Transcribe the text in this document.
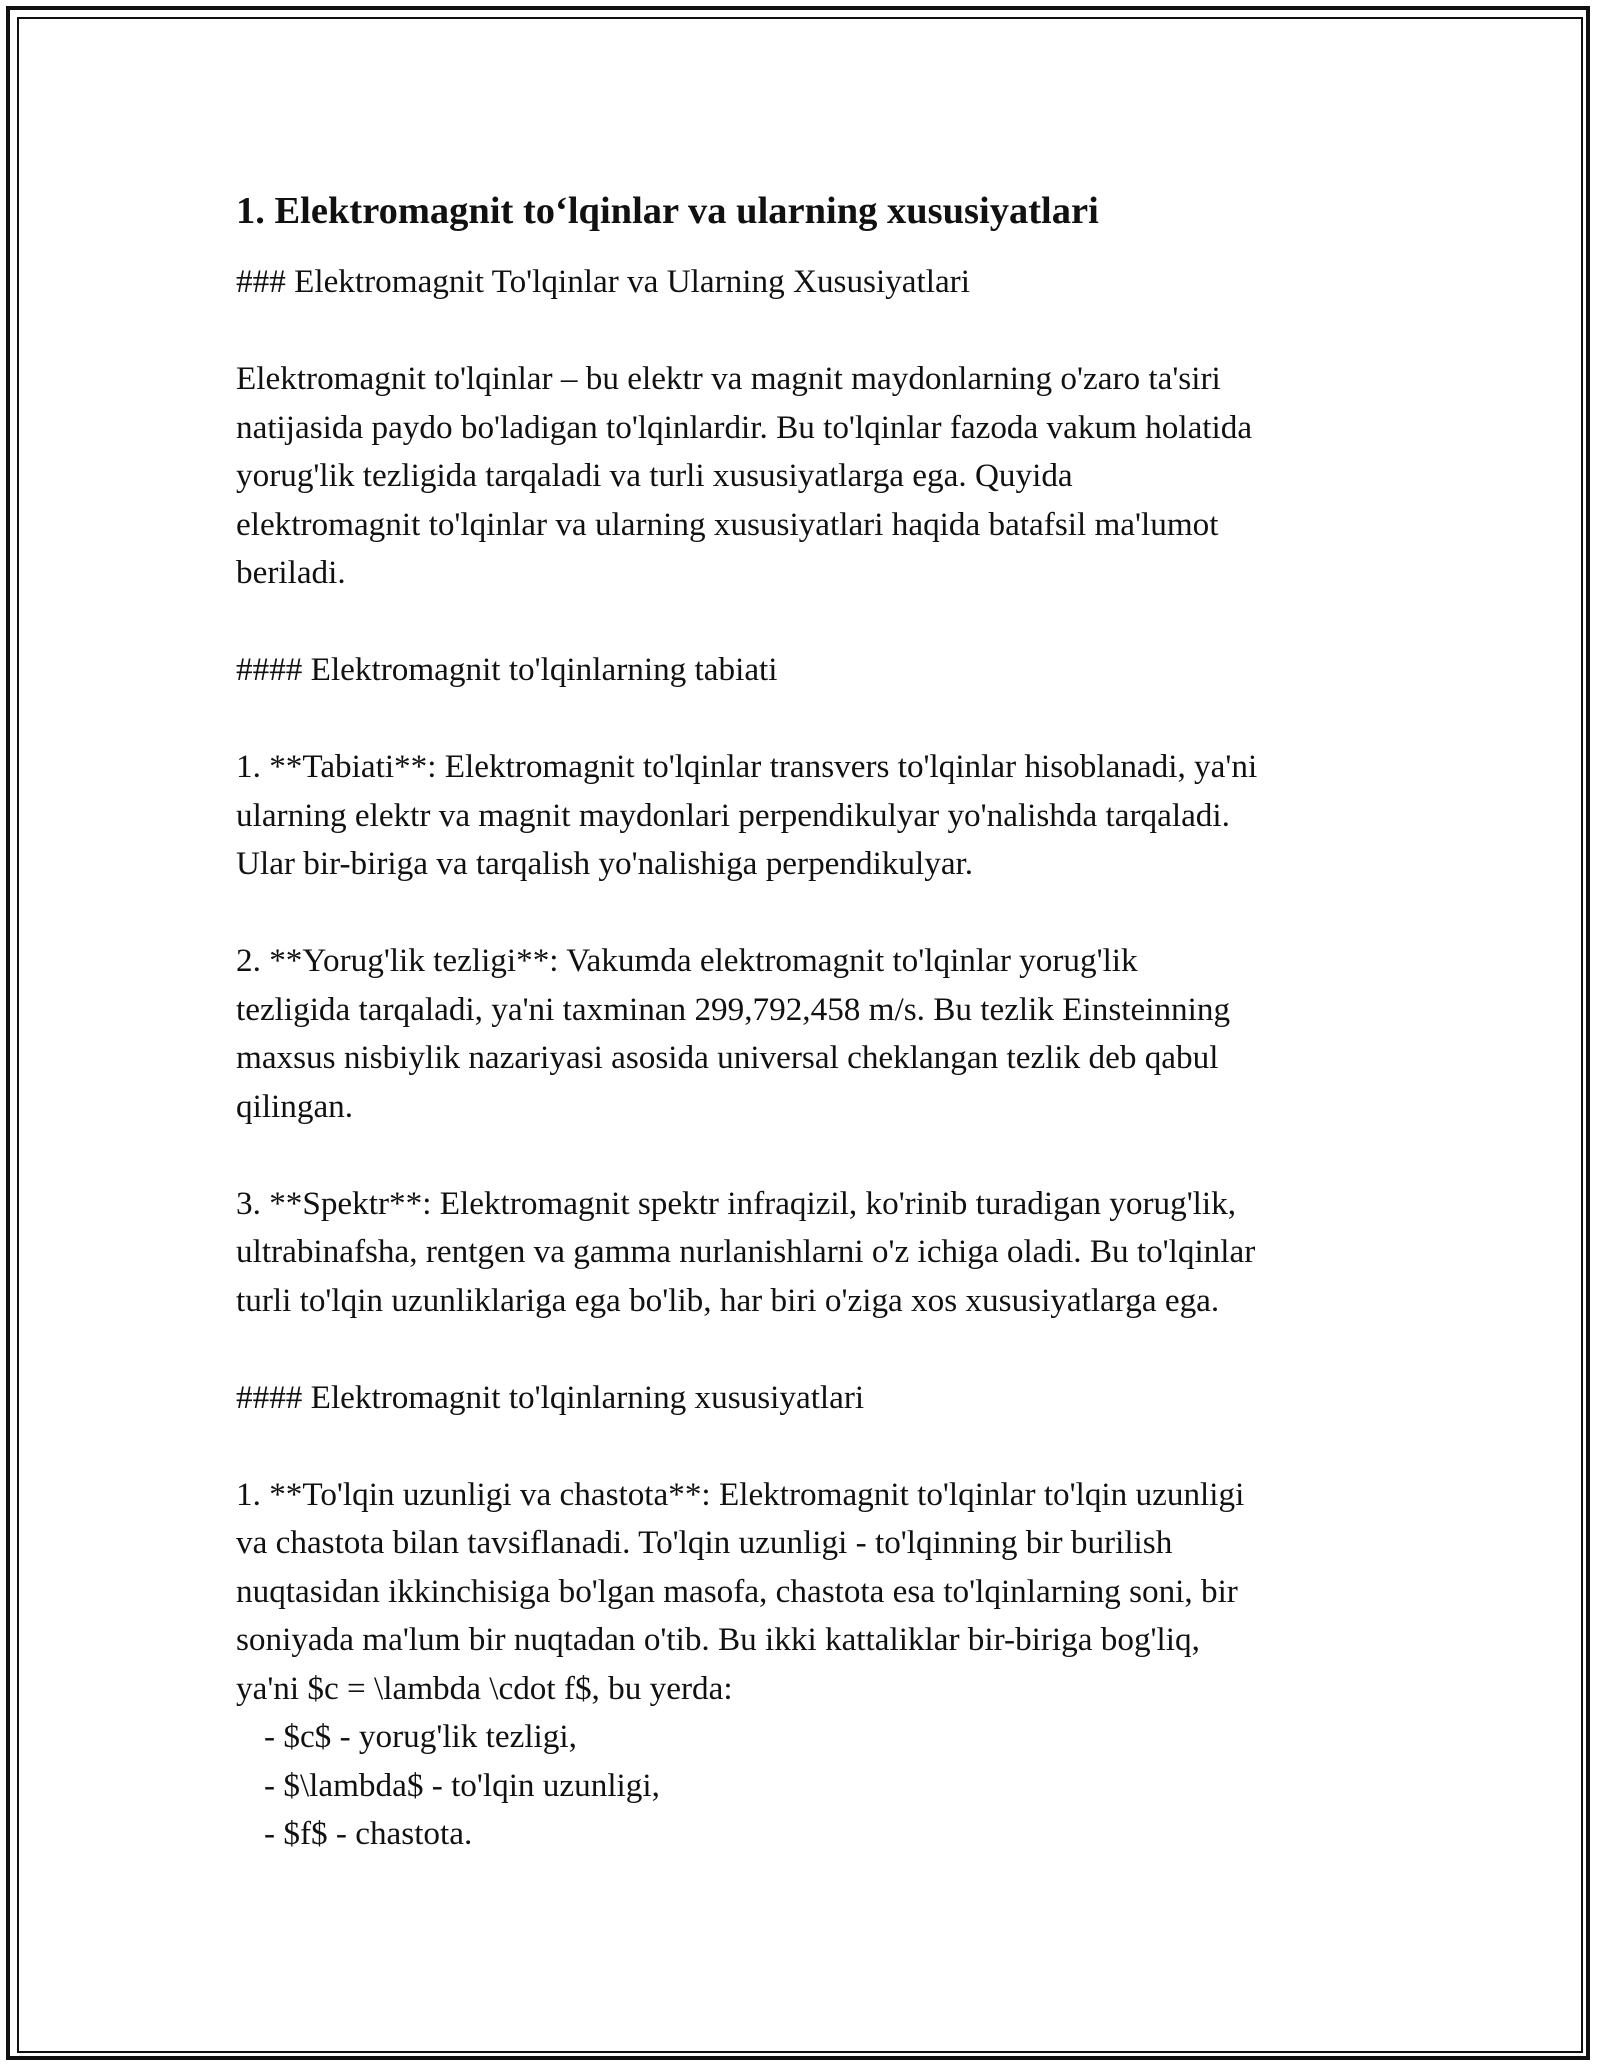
1. Elektromagnit to‘lqinlar va ularning xususiyatlari
### Elektromagnit To'lqinlar va Ularning Xususiyatlari
Elektromagnit to'lqinlar – bu elektr va magnit maydonlarning o'zaro ta'siri
natijasida paydo bo'ladigan to'lqinlardir. Bu to'lqinlar fazoda vakum holatida
yorug'lik tezligida tarqaladi va turli xususiyatlarga ega. Quyida
elektromagnit to'lqinlar va ularning xususiyatlari haqida batafsil ma'lumot
beriladi.
#### Elektromagnit to'lqinlarning tabiati
1. **Tabiati**: Elektromagnit to'lqinlar transvers to'lqinlar hisoblanadi, ya'ni
ularning elektr va magnit maydonlari perpendikulyar yo'nalishda tarqaladi.
Ular bir-biriga va tarqalish yo'nalishiga perpendikulyar.
2. **Yorug'lik tezligi**: Vakumda elektromagnit to'lqinlar yorug'lik
tezligida tarqaladi, ya'ni taxminan 299,792,458 m/s. Bu tezlik Einsteinning
maxsus nisbiylik nazariyasi asosida universal cheklangan tezlik deb qabul
qilingan.
3. **Spektr**: Elektromagnit spektr infraqizil, ko'rinib turadigan yorug'lik,
ultrabinafsha, rentgen va gamma nurlanishlarni o'z ichiga oladi. Bu to'lqinlar
turli to'lqin uzunliklariga ega bo'lib, har biri o'ziga xos xususiyatlarga ega.
#### Elektromagnit to'lqinlarning xususiyatlari
1. **To'lqin uzunligi va chastota**: Elektromagnit to'lqinlar to'lqin uzunligi
va chastota bilan tavsiflanadi. To'lqin uzunligi - to'lqinning bir burilish
nuqtasidan ikkinchisiga bo'lgan masofa, chastota esa to'lqinlarning soni, bir
soniyada ma'lum bir nuqtadan o'tib. Bu ikki kattaliklar bir-biriga bog'liq,
ya'ni $c = \lambda \cdot f$, bu yerda:
- $c$ - yorug'lik tezligi,
- $\lambda$ - to'lqin uzunligi,
- $f$ - chastota.
